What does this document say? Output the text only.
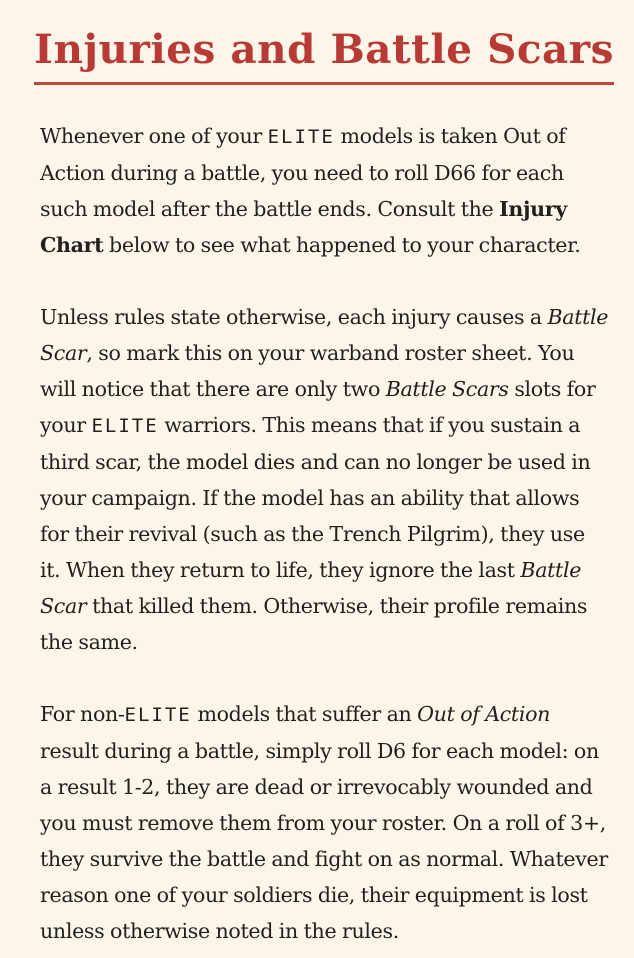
Injuries and Battle Scars

Whenever one of your ELITE models is taken Out of
Action during a battle, you need to roll D66 for each
such model after the battle ends. Consult the Injury
Chart below to see what happened to your character.

Unless rules state otherwise, each injury causes a Battle
Scar, so mark this on your warband roster sheet. You
will notice that there are only two Battle Scars slots for
your ELITE warriors. This means that if you sustain a
third scar, the model dies and can no longer be used in
your campaign. If the model has an ability that allows
for their revival (such as the Trench Pilgrim), they use
it. When they return to life, they ignore the last Battle
Scar that killed them. Otherwise, their profile remains
the same.

For non-ELITE models that suffer an Out of Action
result during a battle, simply roll D6 for each model: on
a result 1-2, they are dead or irrevocably wounded and
you must remove them from your roster. On a roll of 3+,
they survive the battle and fight on as normal. Whatever
reason one of your soldiers die, their equipment is lost
unless otherwise noted in the rules.
